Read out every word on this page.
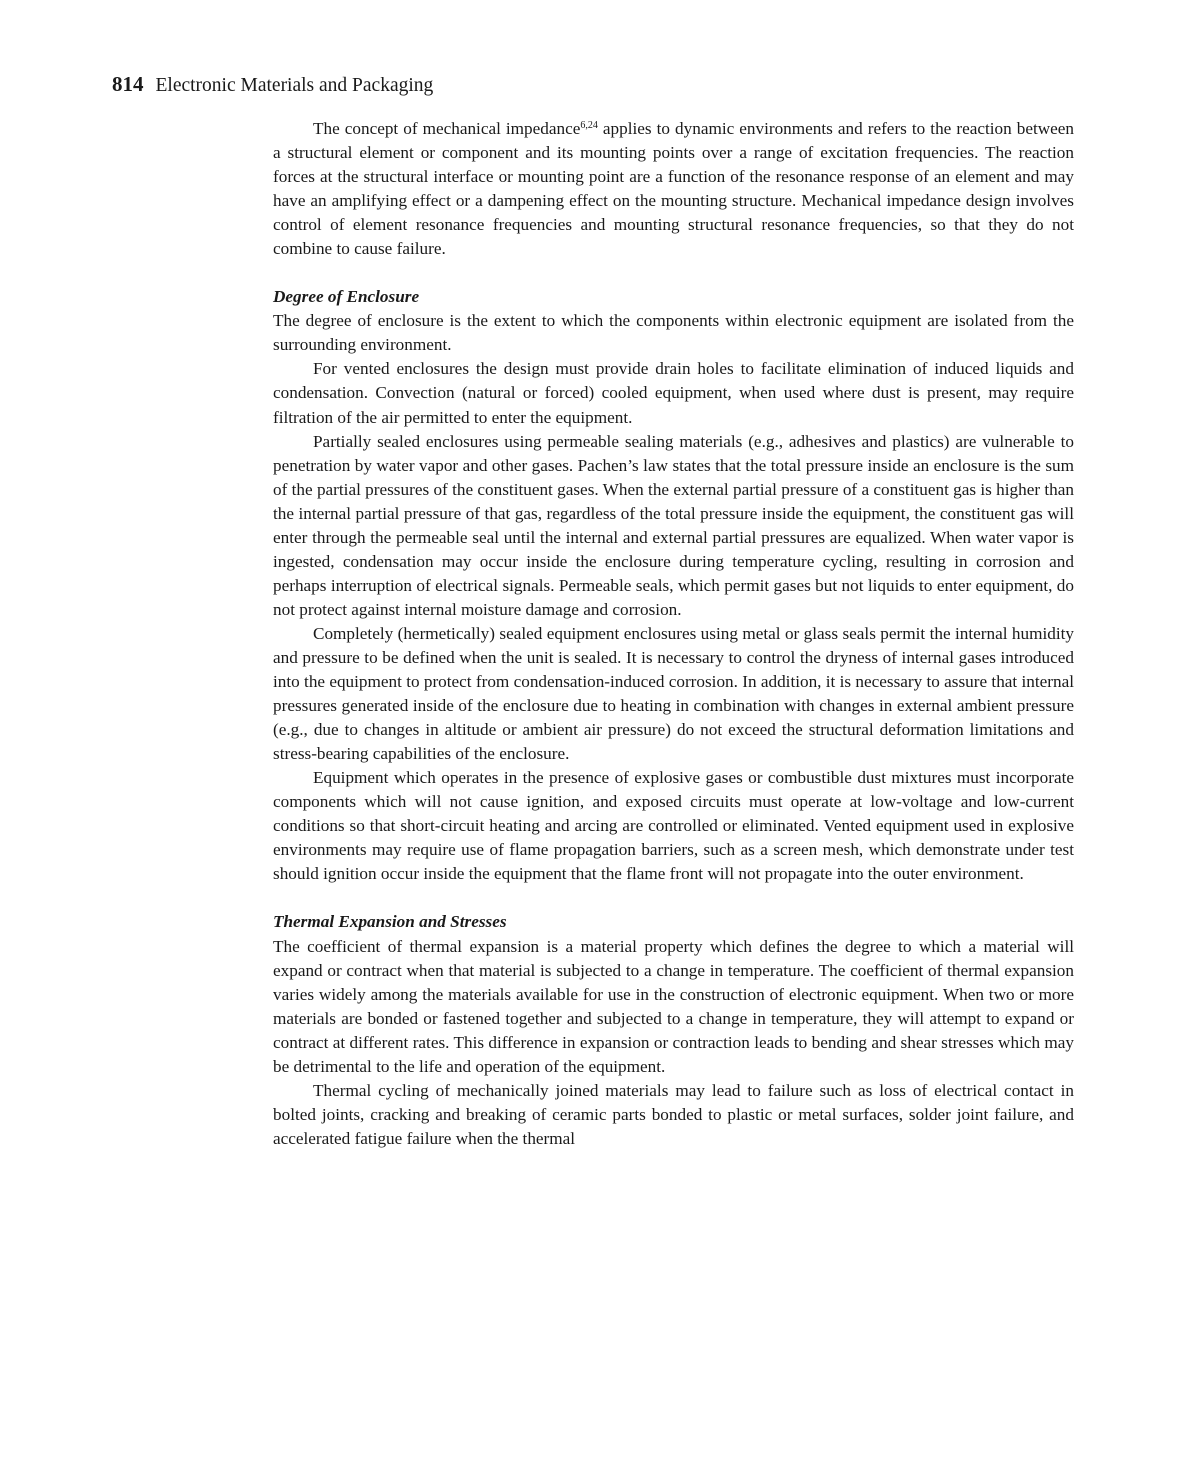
814 Electronic Materials and Packaging

The concept of mechanical impedance$^{6,24}$ applies to dynamic environments and refers to the reaction between a structural element or component and its mounting points over a range of excitation frequencies. The reaction forces at the structural interface or mounting point are a function of the resonance response of an element and may have an amplifying effect or a dampening effect on the mounting structure. Mechanical impedance design involves control of element resonance frequencies and mounting structural resonance frequencies, so that they do not combine to cause failure.

Degree of Enclosure

The degree of enclosure is the extent to which the components within electronic equipment are isolated from the surrounding environment.

For vented enclosures the design must provide drain holes to facilitate elimination of induced liquids and condensation. Convection (natural or forced) cooled equipment, when used where dust is present, may require filtration of the air permitted to enter the equipment.

Partially sealed enclosures using permeable sealing materials (e.g., adhesives and plastics) are vulnerable to penetration by water vapor and other gases. Pachen’s law states that the total pressure inside an enclosure is the sum of the partial pressures of the constituent gases. When the external partial pressure of a constituent gas is higher than the internal partial pressure of that gas, regardless of the total pressure inside the equipment, the constituent gas will enter through the permeable seal until the internal and external partial pressures are equalized. When water vapor is ingested, condensation may occur inside the enclosure during temperature cycling, resulting in corrosion and perhaps interruption of electrical signals. Permeable seals, which permit gases but not liquids to enter equipment, do not protect against internal moisture damage and corrosion.

Completely (hermetically) sealed equipment enclosures using metal or glass seals permit the internal humidity and pressure to be defined when the unit is sealed. It is necessary to control the dryness of internal gases introduced into the equipment to protect from condensation-induced corrosion. In addition, it is necessary to assure that internal pressures generated inside of the enclosure due to heating in combination with changes in external ambient pressure (e.g., due to changes in altitude or ambient air pressure) do not exceed the structural deformation limitations and stress-bearing capabilities of the enclosure.

Equipment which operates in the presence of explosive gases or combustible dust mixtures must incorporate components which will not cause ignition, and exposed circuits must operate at low-voltage and low-current conditions so that short-circuit heating and arcing are controlled or eliminated. Vented equipment used in explosive environments may require use of flame propagation barriers, such as a screen mesh, which demonstrate under test should ignition occur inside the equipment that the flame front will not propagate into the outer environment.

Thermal Expansion and Stresses

The coefficient of thermal expansion is a material property which defines the degree to which a material will expand or contract when that material is subjected to a change in temperature. The coefficient of thermal expansion varies widely among the materials available for use in the construction of electronic equipment. When two or more materials are bonded or fastened together and subjected to a change in temperature, they will attempt to expand or contract at different rates. This difference in expansion or contraction leads to bending and shear stresses which may be detrimental to the life and operation of the equipment.

Thermal cycling of mechanically joined materials may lead to failure such as loss of electrical contact in bolted joints, cracking and breaking of ceramic parts bonded to plastic or metal surfaces, solder joint failure, and accelerated fatigue failure when the thermal
